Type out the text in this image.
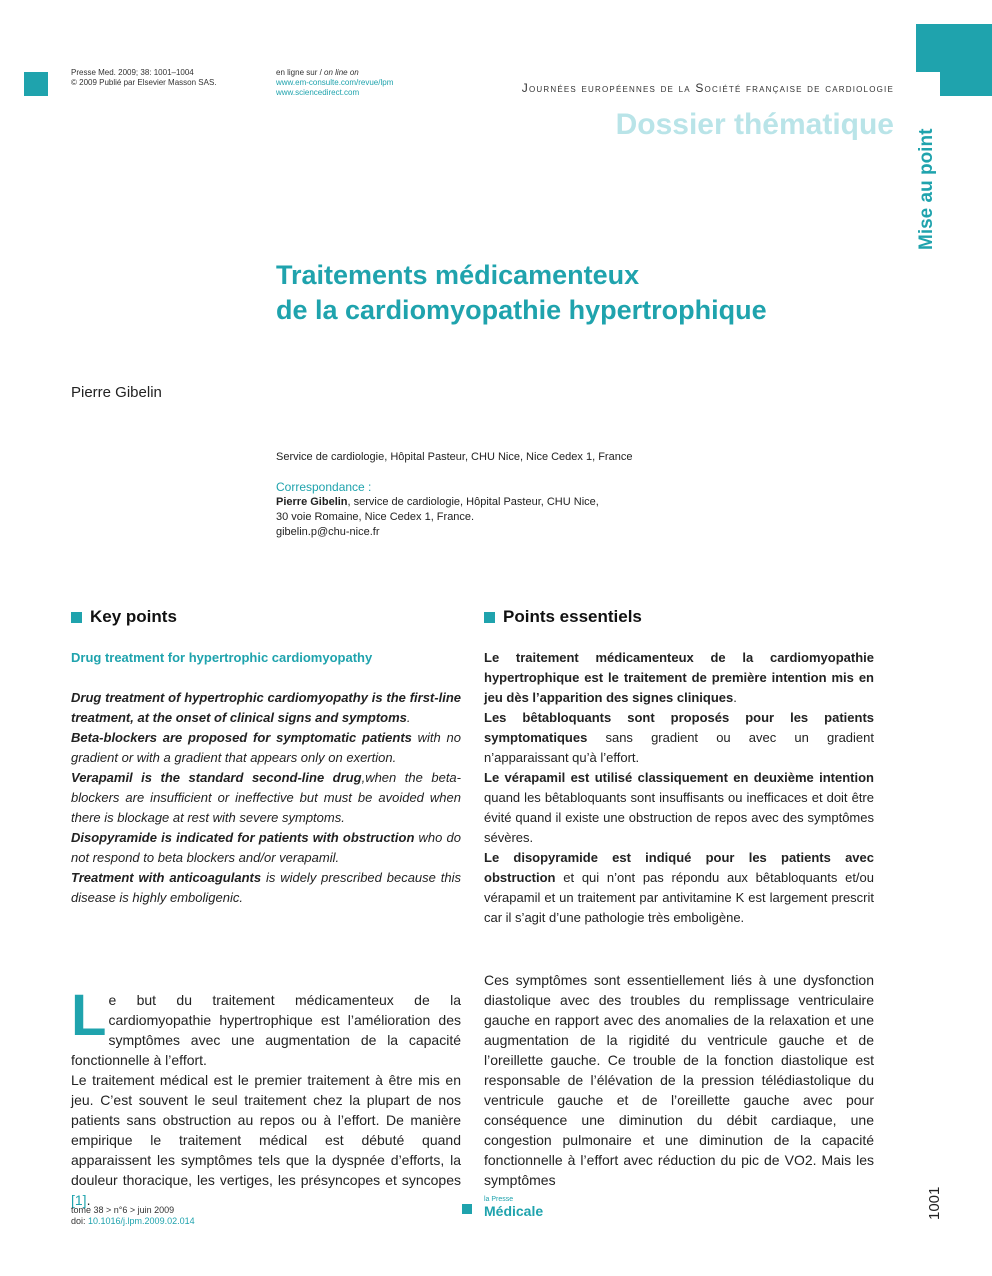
Mise au point
Presse Med. 2009; 38: 1001–1004
© 2009 Publié par Elsevier Masson SAS.
en ligne sur / on line on
www.em-consulte.com/revue/lpm
www.sciencedirect.com	Journées européennes de la Société française de cardiologie
Dossier thématique
Traitements médicamenteux
de la cardiomyopathie hypertrophique
Pierre Gibelin
Service de cardiologie, Hôpital Pasteur, CHU Nice, Nice Cedex 1, France
Correspondance :
Pierre Gibelin, service de cardiologie, Hôpital Pasteur, CHU Nice,
30 voie Romaine, Nice Cedex 1, France.
gibelin.p@chu-nice.fr
Key points
Drug treatment for hypertrophic cardiomyopathy

Drug treatment of hypertrophic cardiomyopathy is the first-line treatment, at the onset of clinical signs and symptoms.

Beta-blockers are proposed for symptomatic patients with no gradient or with a gradient that appears only on exertion.

Verapamil is the standard second-line drug,when the beta-blockers are insufficient or ineffective but must be avoided when there is blockage at rest with severe symptoms.

Disopyramide is indicated for patients with obstruction who do not respond to beta blockers and/or verapamil.

Treatment with anticoagulants is widely prescribed because this disease is highly emboligenic.

Points essentiels

Le traitement médicamenteux de la cardiomyopathie hypertrophique est le traitement de première intention mis en jeu dès l’apparition des signes cliniques.

Les bêtabloquants sont proposés pour les patients symptomatiques sans gradient ou avec un gradient n’apparaissant qu’à l’effort.

Le vérapamil est utilisé classiquement en deuxième intention quand les bêtabloquants sont insuffisants ou inefficaces et doit être évité quand il existe une obstruction de repos avec des symptômes sévères.

Le disopyramide est indiqué pour les patients avec obstruction et qui n’ont pas répondu aux bêtabloquants et/ou vérapamil et un traitement par antivitamine K est largement prescrit car il s’agit d’une pathologie très emboligène.

Le but du traitement médicamenteux de la cardiomyopathie hypertrophique est l’amélioration des symptômes avec une augmentation de la capacité fonctionnelle à l’effort.

Le traitement médical est le premier traitement à être mis en jeu. C’est souvent le seul traitement chez la plupart de nos patients sans obstruction au repos ou à l’effort. De manière empirique le traitement médical est débuté quand apparaissent les symptômes tels que la dyspnée d’efforts, la douleur thoracique, les vertiges, les présyncopes et syncopes [1].

Ces symptômes sont essentiellement liés à une dysfonction diastolique avec des troubles du remplissage ventriculaire gauche en rapport avec des anomalies de la relaxation et une augmentation de la rigidité du ventricule gauche et de l’oreillette gauche. Ce trouble de la fonction diastolique est responsable de l’élévation de la pression télédiastolique du ventricule gauche et de l’oreillette gauche avec pour conséquence une diminution du débit cardiaque, une congestion pulmonaire et une diminution de la capacité fonctionnelle à l’effort avec réduction du pic de VO2. Mais les symptômes

tome 38 > n°6 > juin 2009
doi: 10.1016/j.lpm.2009.02.014
la Presse
Médicale	1001
